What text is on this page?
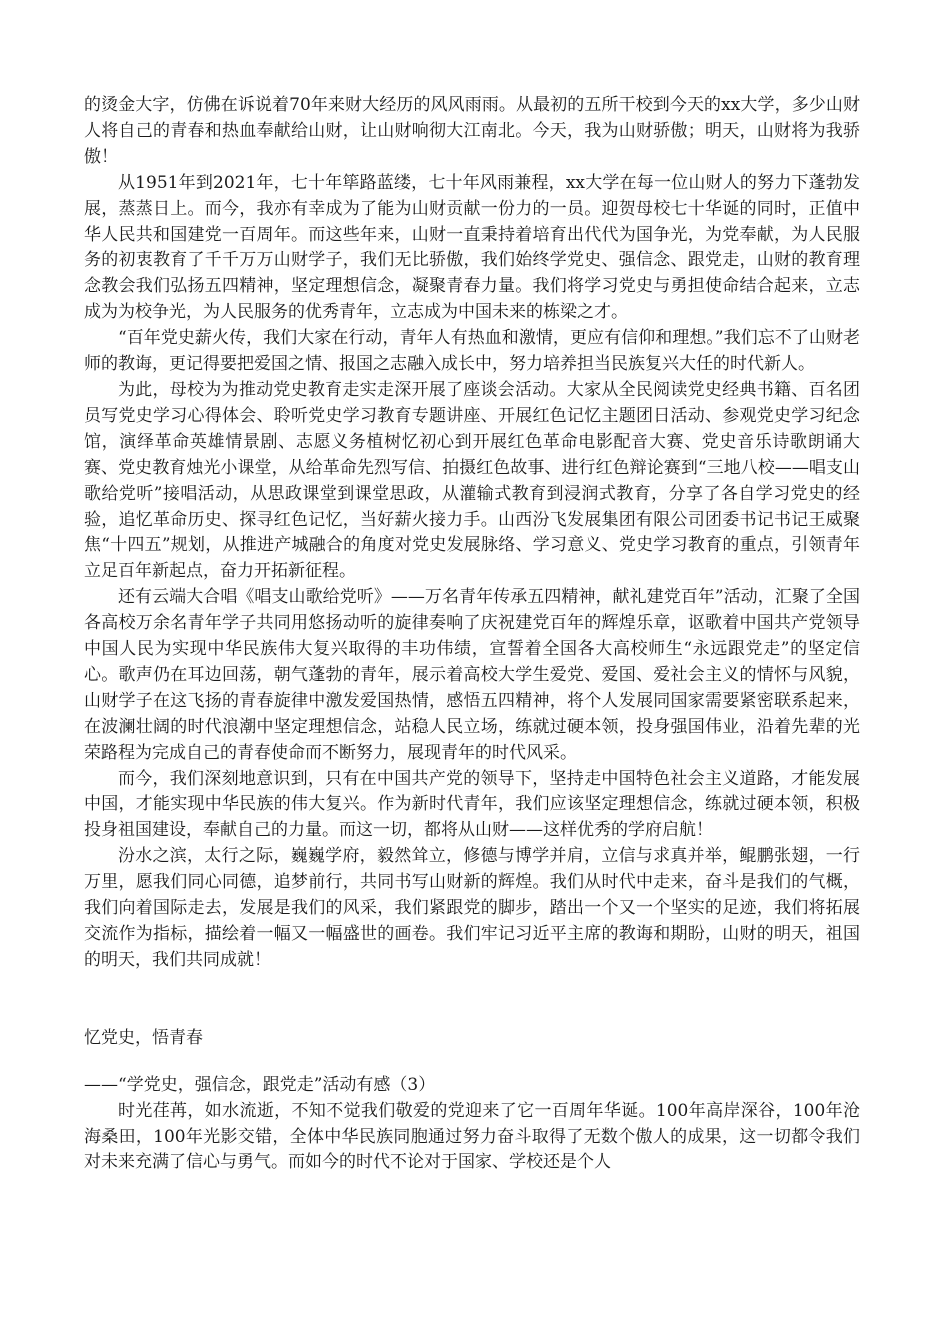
的烫金大字，仿佛在诉说着70年来财大经历的风风雨雨。从最初的五所干校到今天的xx大学，多少山财人将自己的青春和热血奉献给山财，让山财响彻大江南北。今天，我为山财骄傲；明天，山财将为我骄傲！

从1951年到2021年，七十年筚路蓝缕，七十年风雨兼程，xx大学在每一位山财人的努力下蓬勃发展，蒸蒸日上。而今，我亦有幸成为了能为山财贡献一份力的一员。迎贺母校七十华诞的同时，正值中华人民共和国建党一百周年。而这些年来，山财一直秉持着培育出代代为国争光，为党奉献，为人民服务的初衷教育了千千万万山财学子，我们无比骄傲，我们始终学党史、强信念、跟党走，山财的教育理念教会我们弘扬五四精神，坚定理想信念，凝聚青春力量。我们将学习党史与勇担使命结合起来，立志成为为校争光，为人民服务的优秀青年，立志成为中国未来的栋梁之才。

“百年党史薪火传，我们大家在行动，青年人有热血和激情，更应有信仰和理想。”我们忘不了山财老师的教诲，更记得要把爱国之情、报国之志融入成长中，努力培养担当民族复兴大任的时代新人。

为此，母校为为推动党史教育走实走深开展了座谈会活动。大家从全民阅读党史经典书籍、百名团员写党史学习心得体会、聆听党史学习教育专题讲座、开展红色记忆主题团日活动、参观党史学习纪念馆，演绎革命英雄情景剧、志愿义务植树忆初心到开展红色革命电影配音大赛、党史音乐诗歌朗诵大赛、党史教育烛光小课堂，从给革命先烈写信、拍摄红色故事、进行红色辩论赛到“三地八校——唱支山歌给党听”接唱活动，从思政课堂到课堂思政，从灌输式教育到浸润式教育，分享了各自学习党史的经验，追忆革命历史、探寻红色记忆，当好薪火接力手。山西汾飞发展集团有限公司团委书记书记王威聚焦“十四五”规划，从推进产城融合的角度对党史发展脉络、学习意义、党史学习教育的重点，引领青年立足百年新起点，奋力开拓新征程。

还有云端大合唱《唱支山歌给党听》——万名青年传承五四精神，献礼建党百年”活动，汇聚了全国各高校万余名青年学子共同用悠扬动听的旋律奏响了庆祝建党百年的辉煌乐章，讴歌着中国共产党领导中国人民为实现中华民族伟大复兴取得的丰功伟绩，宣誓着全国各大高校师生“永远跟党走”的坚定信心。歌声仍在耳边回荡，朝气蓬勃的青年，展示着高校大学生爱党、爱国、爱社会主义的情怀与风貌，山财学子在这飞扬的青春旋律中激发爱国热情，感悟五四精神，将个人发展同国家需要紧密联系起来，在波澜壮阔的时代浪潮中坚定理想信念，站稳人民立场，练就过硬本领，投身强国伟业，沿着先辈的光荣路程为完成自己的青春使命而不断努力，展现青年的时代风采。

而今，我们深刻地意识到，只有在中国共产党的领导下，坚持走中国特色社会主义道路，才能发展中国，才能实现中华民族的伟大复兴。作为新时代青年，我们应该坚定理想信念，练就过硬本领，积极投身祖国建设，奉献自己的力量。而这一切，都将从山财——这样优秀的学府启航！

汾水之滨，太行之际，巍巍学府，毅然耸立，修德与博学并肩，立信与求真并举，鲲鹏张翅，一行万里，愿我们同心同德，追梦前行，共同书写山财新的辉煌。我们从时代中走来，奋斗是我们的气概，我们向着国际走去，发展是我们的风采，我们紧跟党的脚步，踏出一个又一个坚实的足迹，我们将拓展交流作为指标，描绘着一幅又一幅盛世的画卷。我们牢记习近平主席的教诲和期盼，山财的明天，祖国的明天，我们共同成就！

忆党史，悟青春

——“学党史，强信念，跟党走”活动有感（3）

时光荏苒，如水流逝，不知不觉我们敬爱的党迎来了它一百周年华诞。100年高岸深谷，100年沧海桑田，100年光影交错，全体中华民族同胞通过努力奋斗取得了无数个傲人的成果，这一切都令我们对未来充满了信心与勇气。而如今的时代不论对于国家、学校还是个人
